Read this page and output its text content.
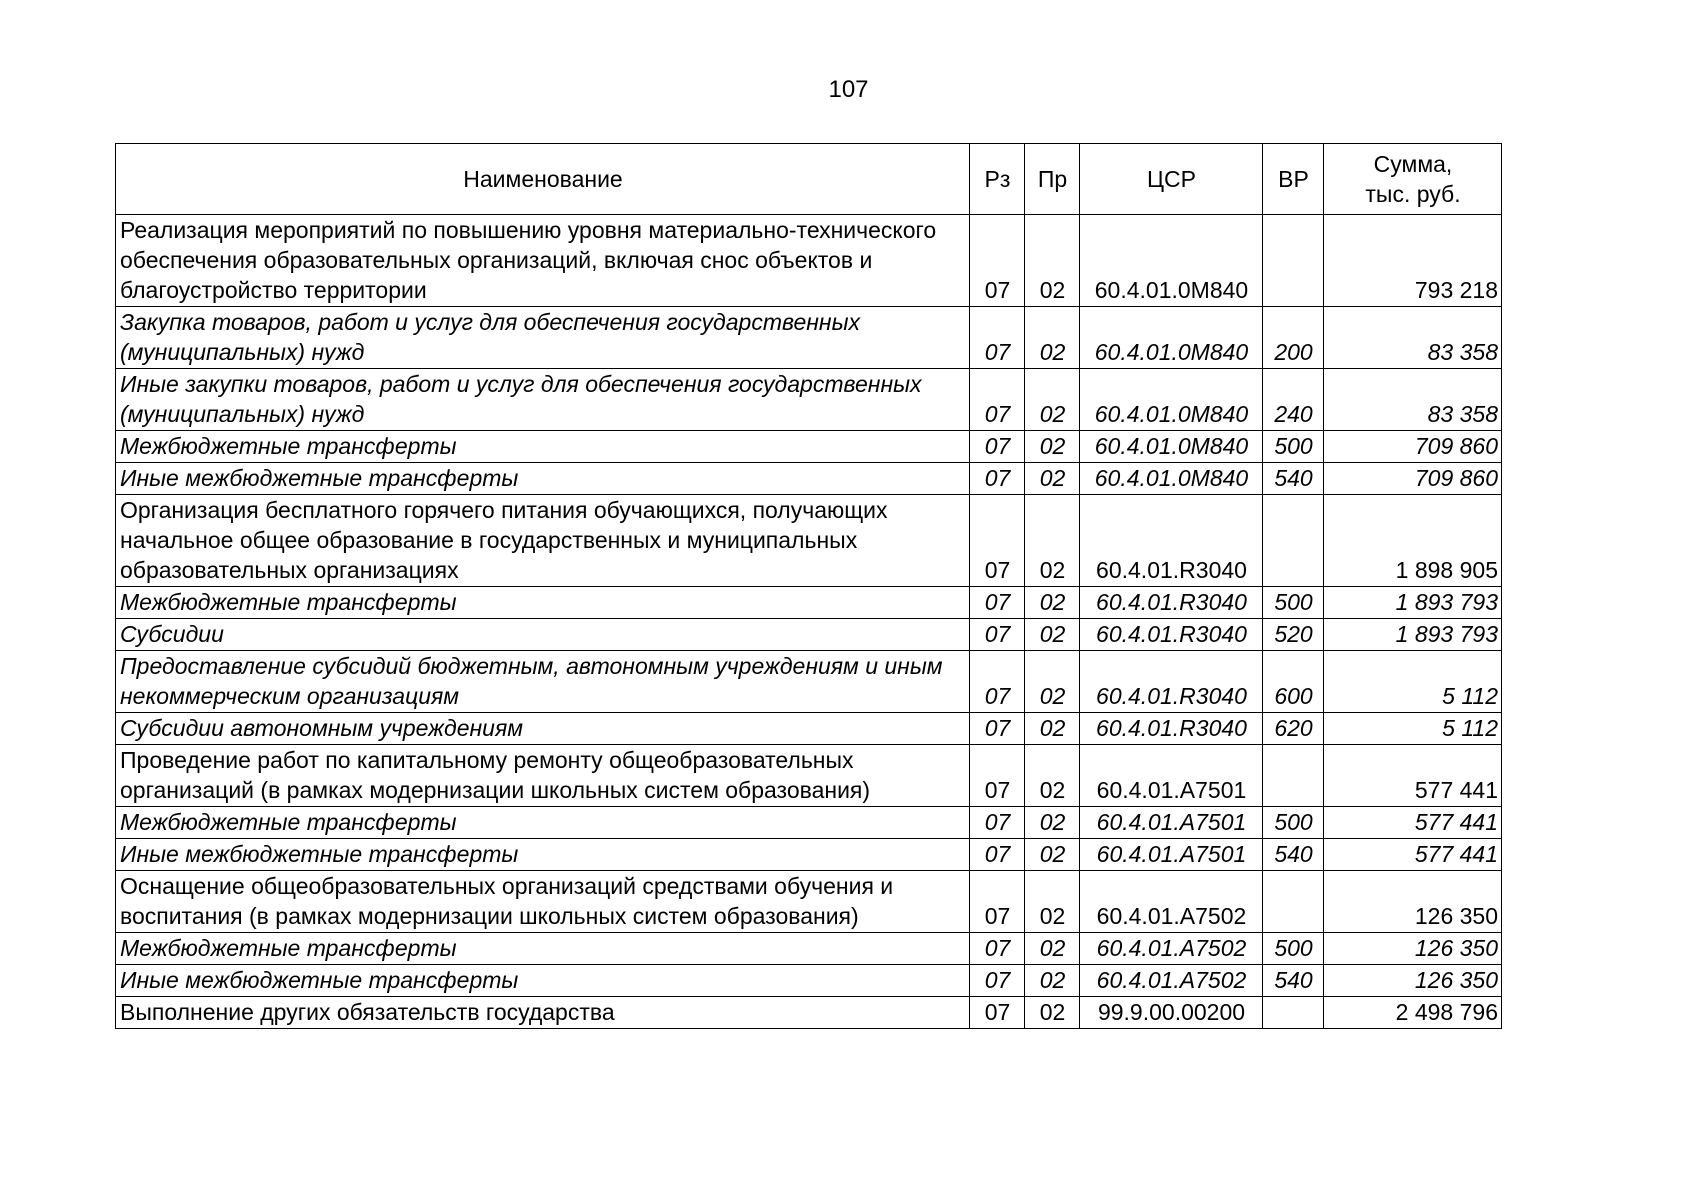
107
Наименование	Рз	Пр	ЦСР	ВР	Сумма,
тыс. руб.
Реализация мероприятий по повышению уровня материально-технического обеспечения образовательных организаций, включая снос объектов и благоустройство территории	07	02	60.4.01.0М840		793 218
Закупка товаров, работ и услуг для обеспечения государственных (муниципальных) нужд	07	02	60.4.01.0М840	200	83 358
Иные закупки товаров, работ и услуг для обеспечения государственных (муниципальных) нужд	07	02	60.4.01.0М840	240	83 358
Межбюджетные трансферты	07	02	60.4.01.0М840	500	709 860
Иные межбюджетные трансферты	07	02	60.4.01.0М840	540	709 860
Организация бесплатного горячего питания обучающихся, получающих начальное общее образование в государственных и муниципальных образовательных организациях	07	02	60.4.01.R3040		1 898 905
Межбюджетные трансферты	07	02	60.4.01.R3040	500	1 893 793
Субсидии	07	02	60.4.01.R3040	520	1 893 793
Предоставление субсидий бюджетным, автономным учреждениям и иным некоммерческим организациям	07	02	60.4.01.R3040	600	5 112
Субсидии автономным учреждениям	07	02	60.4.01.R3040	620	5 112
Проведение работ по капитальному ремонту общеобразовательных организаций (в рамках модернизации школьных систем образования)	07	02	60.4.01.А7501		577 441
Межбюджетные трансферты	07	02	60.4.01.А7501	500	577 441
Иные межбюджетные трансферты	07	02	60.4.01.А7501	540	577 441
Оснащение общеобразовательных организаций средствами обучения и воспитания (в рамках модернизации школьных систем образования)	07	02	60.4.01.А7502		126 350
Межбюджетные трансферты	07	02	60.4.01.А7502	500	126 350
Иные межбюджетные трансферты	07	02	60.4.01.А7502	540	126 350
Выполнение других обязательств государства	07	02	99.9.00.00200		2 498 796
